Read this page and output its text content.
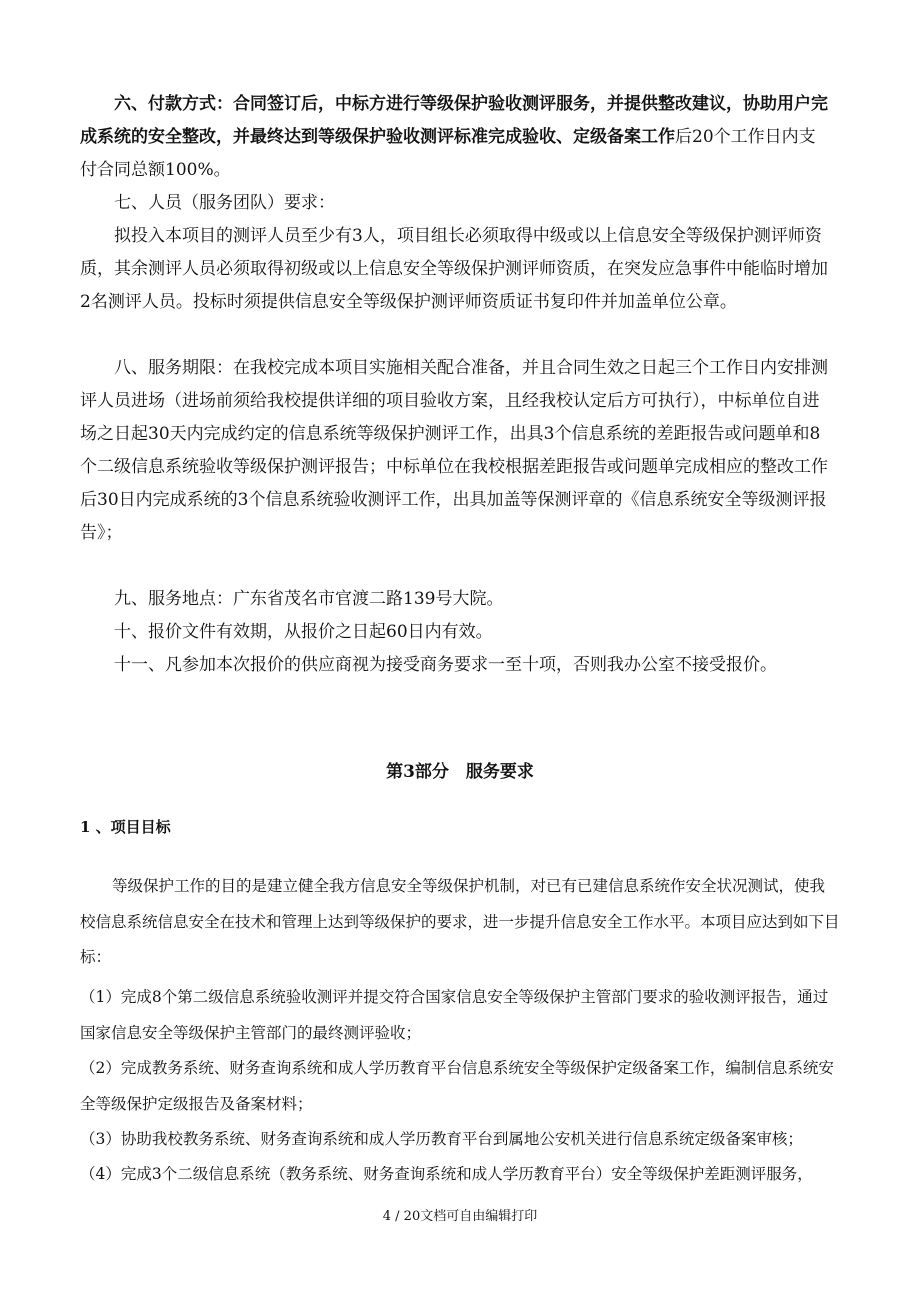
六、付款方式：合同签订后，中标方进行等级保护验收测评服务，并提供整改建议，协助用户完成系统的安全整改，并最终达到等级保护验收测评标准完成验收、定级备案工作后20个工作日内支付合同总额100%。

七、人员（服务团队）要求：

拟投入本项目的测评人员至少有3人，项目组长必须取得中级或以上信息安全等级保护测评师资质，其余测评人员必须取得初级或以上信息安全等级保护测评师资质，在突发应急事件中能临时增加2名测评人员。投标时须提供信息安全等级保护测评师资质证书复印件并加盖单位公章。

八、服务期限：在我校完成本项目实施相关配合准备，并且合同生效之日起三个工作日内安排测评人员进场（进场前须给我校提供详细的项目验收方案，且经我校认定后方可执行），中标单位自进场之日起30天内完成约定的信息系统等级保护测评工作，出具3个信息系统的差距报告或问题单和8个二级信息系统验收等级保护测评报告；中标单位在我校根据差距报告或问题单完成相应的整改工作后30日内完成系统的3个信息系统验收测评工作，出具加盖等保测评章的《信息系统安全等级测评报告》；

九、服务地点：广东省茂名市官渡二路139号大院。

十、报价文件有效期，从报价之日起60日内有效。

十一、凡参加本次报价的供应商视为接受商务要求一至十项，否则我办公室不接受报价。

第3部分　服务要求

1 、项目目标

等级保护工作的目的是建立健全我方信息安全等级保护机制，对已有已建信息系统作安全状况测试，使我校信息系统信息安全在技术和管理上达到等级保护的要求，进一步提升信息安全工作水平。本项目应达到如下目标：

（1）完成8个第二级信息系统验收测评并提交符合国家信息安全等级保护主管部门要求的验收测评报告，通过国家信息安全等级保护主管部门的最终测评验收；

（2）完成教务系统、财务查询系统和成人学历教育平台信息系统安全等级保护定级备案工作，编制信息系统安全等级保护定级报告及备案材料；

（3）协助我校教务系统、财务查询系统和成人学历教育平台到属地公安机关进行信息系统定级备案审核；

（4）完成3个二级信息系统（教务系统、财务查询系统和成人学历教育平台）安全等级保护差距测评服务，

4 / 20文档可自由编辑打印
